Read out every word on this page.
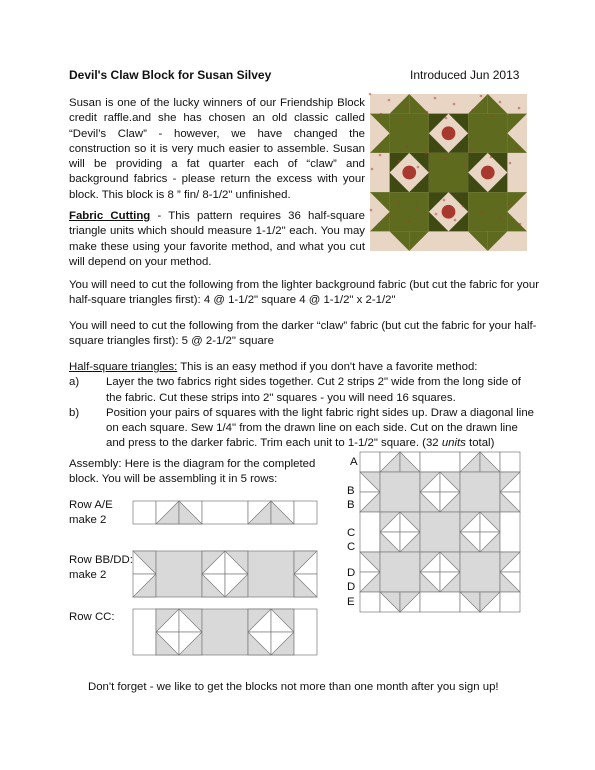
Devil's Claw Block for Susan Silvey	Introduced Jun 2013
Susan is one of the lucky winners of our Friendship Block credit raffle.and she has chosen an old classic called “Devil’s Claw” - however, we have changed the construction so it is very much easier to assemble. Susan will be providing a fat quarter each of “claw” and background fabrics - please return the excess with your block. This block is 8 ” fin/ 8-1/2" unfinished.
Fabric Cutting - This pattern requires 36 half-square triangle units which should measure 1-1/2" each. You may make these using your favorite method, and what you cut will depend on your method.
You will need to cut the following from the lighter background fabric (but cut the fabric for your half-square triangles first): 4 @ 1-1/2" square 4 @ 1-1/2" x 2-1/2"
You will need to cut the following from the darker “claw” fabric (but cut the fabric for your half-square triangles first): 5 @ 2-1/2" square
Half-square triangles: This is an easy method if you don't have a favorite method:
a) Layer the two fabrics right sides together. Cut 2 strips 2" wide from the long side of the fabric. Cut these strips into 2" squares - you will need 16 squares.
b) Position your pairs of squares with the light fabric right sides up. Draw a diagonal line on each square. Sew 1/4" from the drawn line on each side. Cut on the drawn line and press to the darker fabric. Trim each unit to 1-1/2" square. (32 units total)
Assembly: Here is the diagram for the completed block. You will be assembling it in 5 rows:
Row A/E
make 2
Row BB/DD:
make 2
Row CC:
A
B
B
C
C
D
D
E
Don't forget - we like to get the blocks not more than one month after you sign up!
